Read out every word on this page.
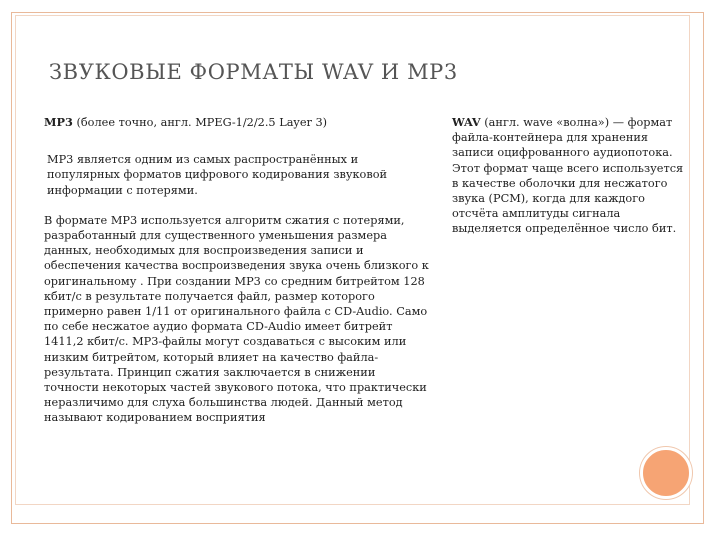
ЗВУКОВЫЕ ФОРМАТЫ WAV И MP3

MP3 (более точно, англ. MPEG-1/2/2.5 Layer 3)

MP3 является одним из самых распространённых и популярных форматов цифрового кодирования звуковой информации с потерями.

В формате MP3 используется алгоритм сжатия с потерями, разработанный для существенного уменьшения размера данных, необходимых для воспроизведения записи и обеспечения качества воспроизведения звука очень близкого к оригинальному . При создании MP3 со средним битрейтом 128 кбит/с в результате получается файл, размер которого примерно равен 1/11 от оригинального файла с CD-Audio. Само по себе несжатое аудио формата CD-Audio имеет битрейт 1411,2 кбит/с. MP3-файлы могут создаваться с высоким или низким битрейтом, который влияет на качество файла-результата. Принцип сжатия заключается в снижении точности некоторых частей звукового потока, что практически неразличимо для слуха большинства людей. Данный метод называют кодированием восприятия

WAV (англ. wave «волна») — формат файла-контейнера для хранения записи оцифрованного аудиопотока. Этот формат чаще всего используется в качестве оболочки для несжатого звука (PCM), когда для каждого отсчёта амплитуды сигнала выделяется определённое число бит.
